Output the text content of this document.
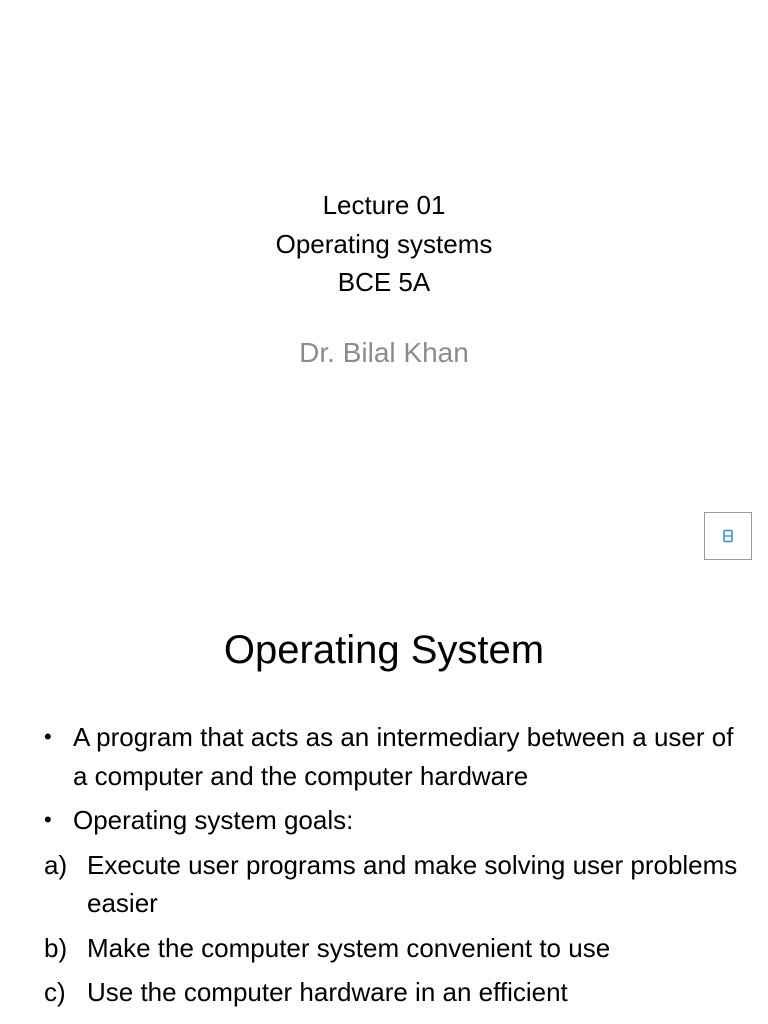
Lecture 01
Operating systems
BCE 5A
Dr. Bilal Khan
Operating System
• A program that acts as an intermediary between a user of a computer and the computer hardware
• Operating system goals:
a) Execute user programs and make solving user problems easier
b) Make the computer system convenient to use
c) Use the computer hardware in an efficient
